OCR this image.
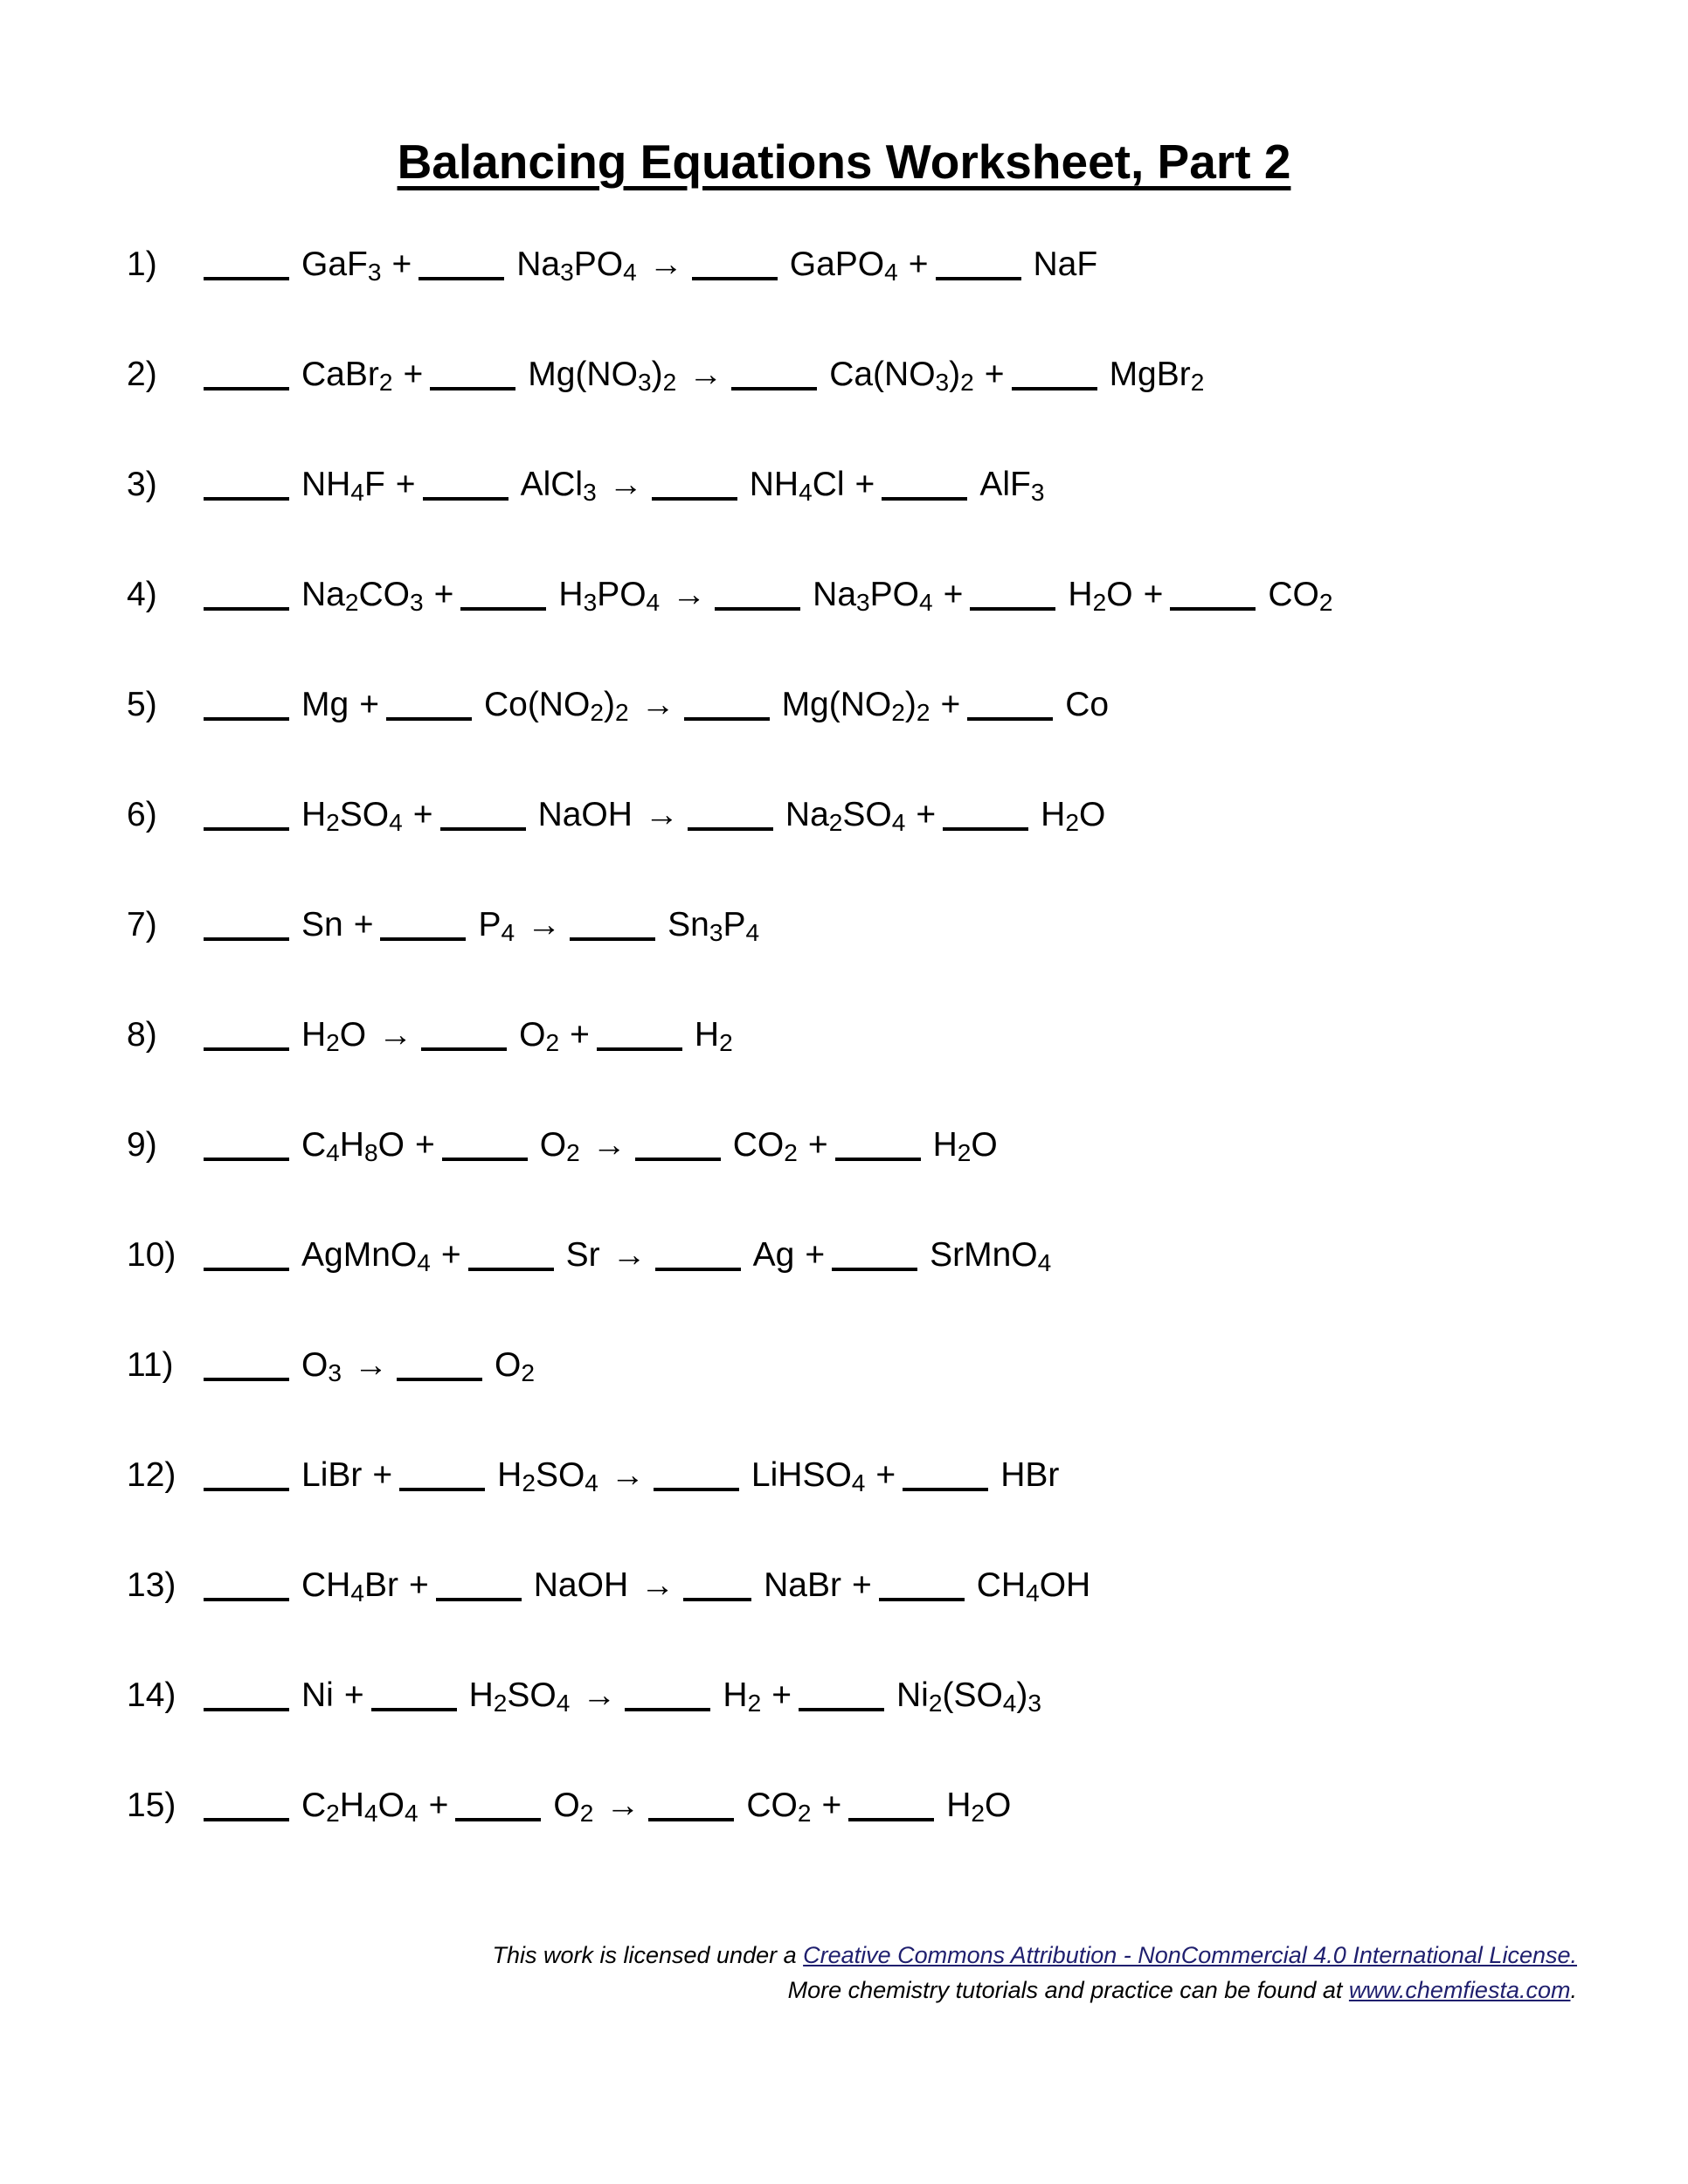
Balancing Equations Worksheet, Part 2
1)	GaF$_3$ +	$Na_3PO_4$ →	GaPO$_4$ +	NaF
2)	CaBr$_2$ +	$Mg(NO_3)_2$ →	$Ca(NO_3)_2$ +	MgBr$_2$
3)	$NH_4F$ +	AlCl$_3$ →	$NH_4Cl$ +	AlF$_3$
4)	$Na_2CO_3$ +	$H_3PO_4$ →	$Na_3PO_4$ +	$H_2O$ +	$CO_2$
5)	Mg +	$Co(NO_2)_2$ →	$Mg(NO_2)_2$ +	Co
6)	$H_2SO_4$ +	NaOH →	$Na_2SO_4$ +	$H_2O$
7)	Sn +	$P_4$ →	$Sn_3P_4$
8)	$H_2O$ →	$O_2$ +	$H_2$
9)	$C_4H_8O$ +	$O_2$ →	$CO_2$ +	$H_2O$
10)	AgMnO$_4$ +	Sr →	Ag +	SrMnO$_4$
11)	$O_3$ →	$O_2$
12)	LiBr +	$H_2SO_4$ →	LiHSO$_4$ +	HBr
13)	$CH_4Br$ +	NaOH →	NaBr +	$CH_4OH$
14)	Ni +	$H_2SO_4$ →	$H_2$ +	$Ni_2(SO_4)_3$
15)	$C_2H_4O_4$ +	$O_2$ →	$CO_2$ +	$H_2O$
This work is licensed under a Creative Commons Attribution - NonCommercial 4.0 International License.
More chemistry tutorials and practice can be found at www.chemfiesta.com.
